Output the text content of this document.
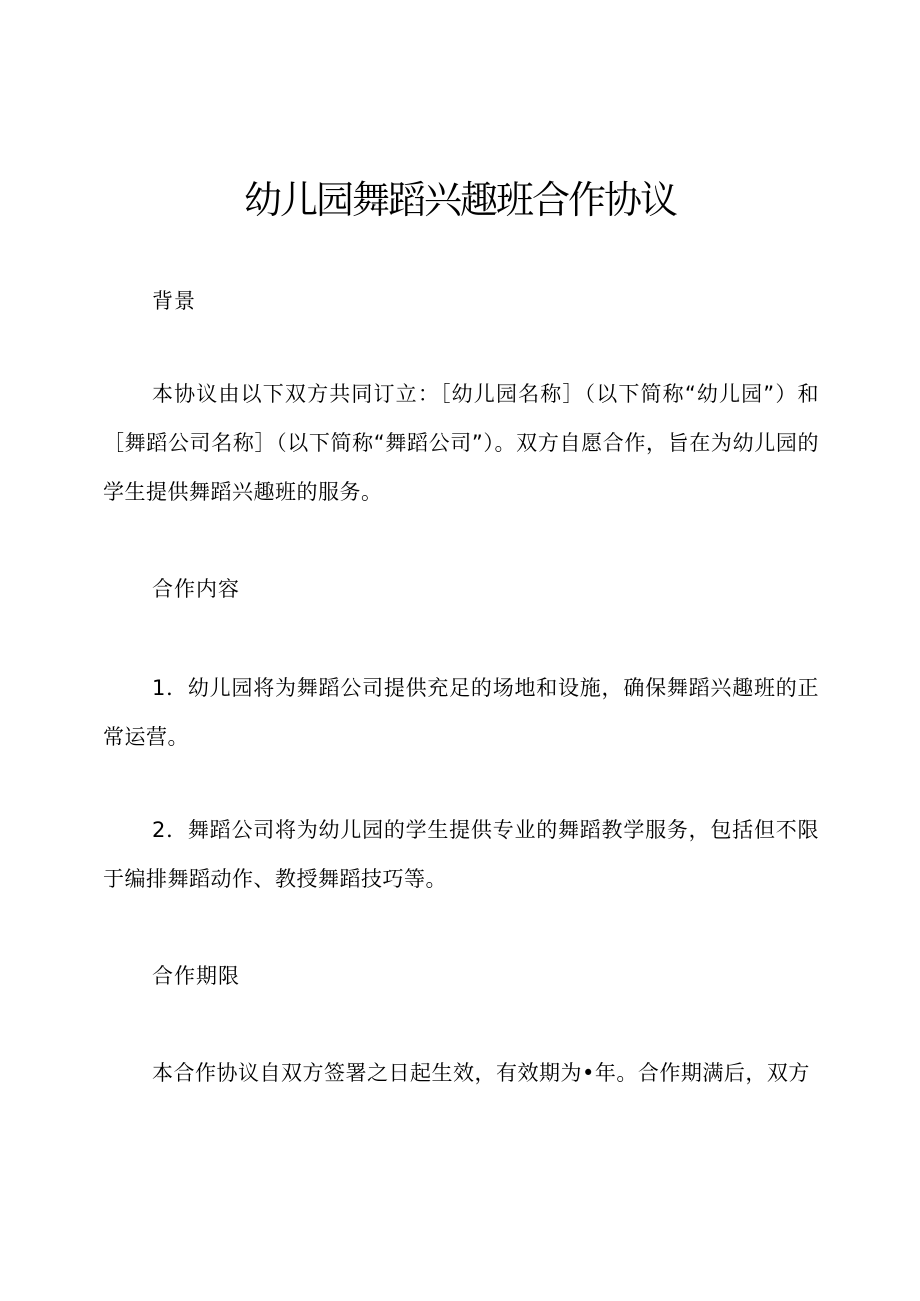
幼儿园舞蹈兴趣班合作协议

背景

本协议由以下双方共同订立：［幼儿园名称］（以下简称“幼儿园”）和［舞蹈公司名称］（以下简称“舞蹈公司”）。双方自愿合作，旨在为幼儿园的学生提供舞蹈兴趣班的服务。

合作内容

1．幼儿园将为舞蹈公司提供充足的场地和设施，确保舞蹈兴趣班的正常运营。

2．舞蹈公司将为幼儿园的学生提供专业的舞蹈教学服务，包括但不限于编排舞蹈动作、教授舞蹈技巧等。

合作期限

本合作协议自双方签署之日起生效，有效期为•年。合作期满后，双方
